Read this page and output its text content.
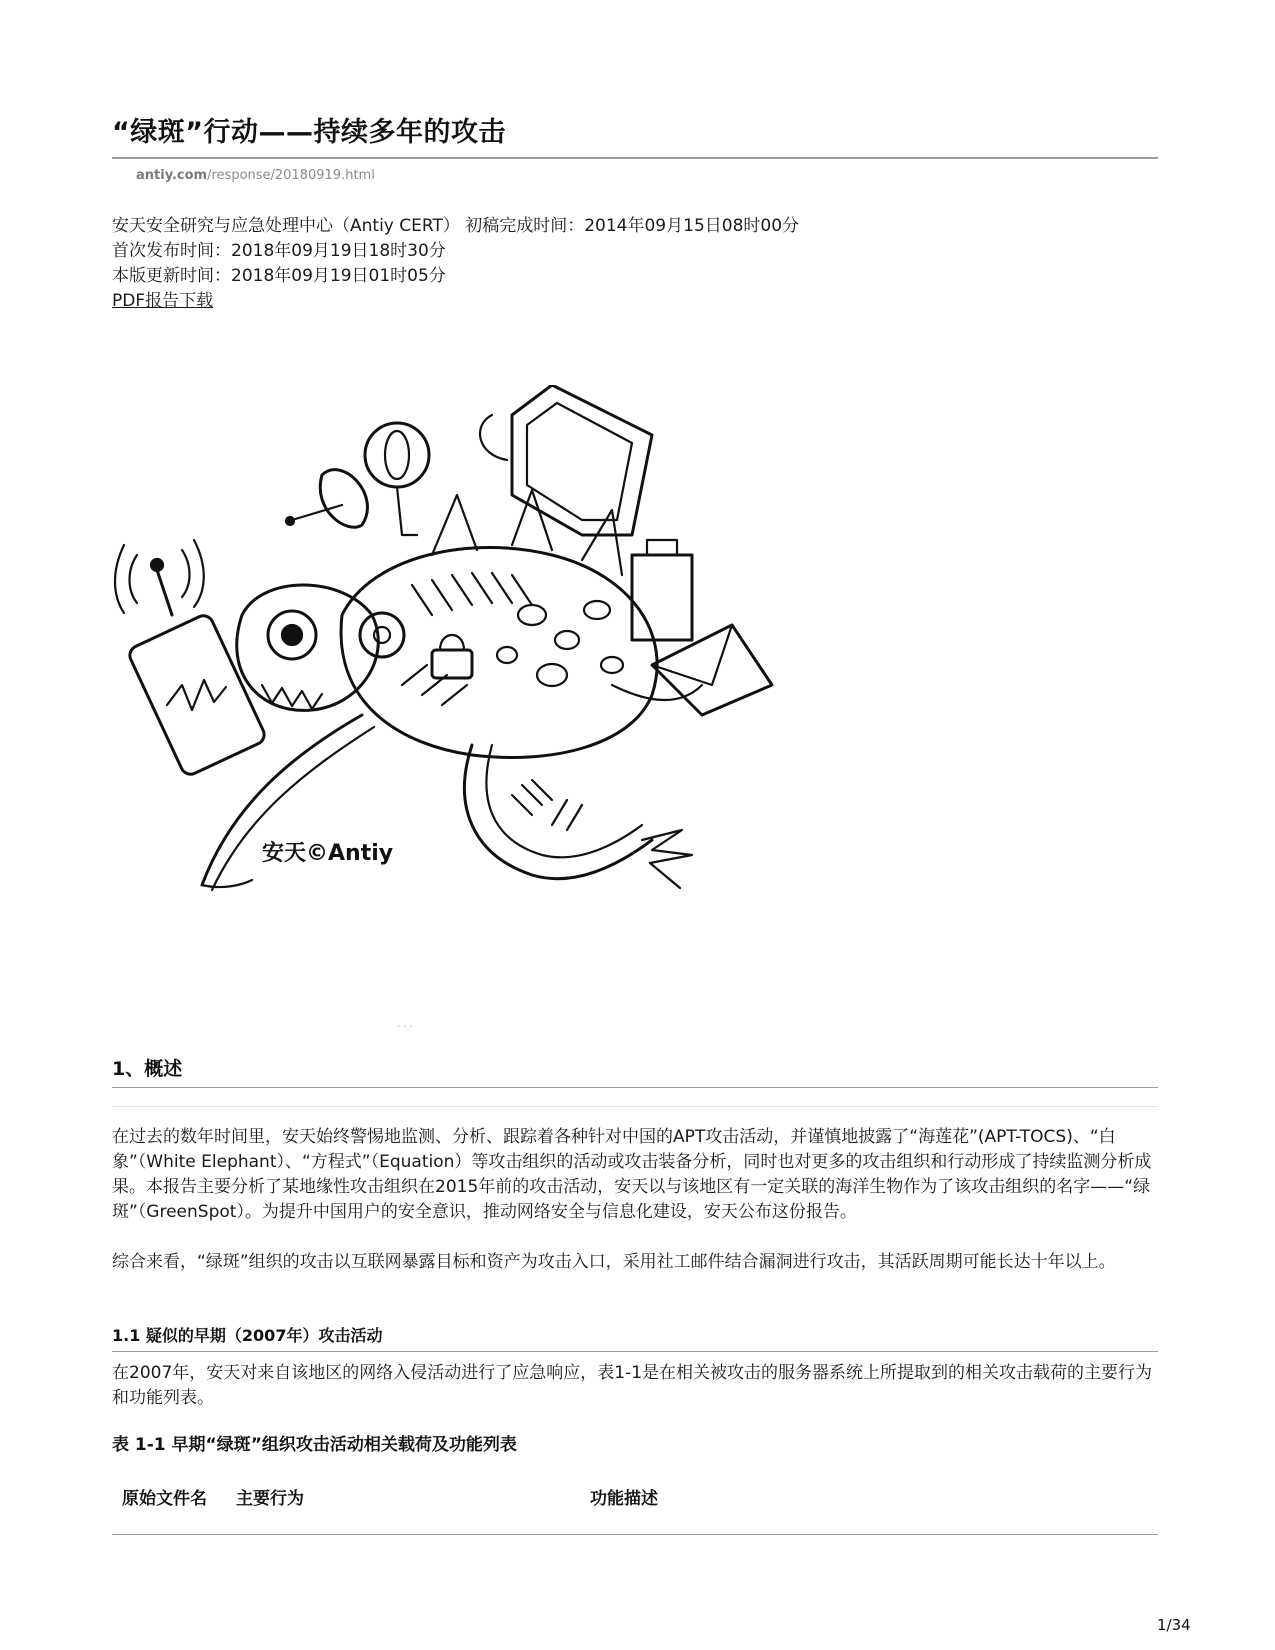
“绿斑”行动——持续多年的攻击
antiy.com/response/20180919.html
安天安全研究与应急处理中心（Antiy CERT） 初稿完成时间：2014年09月15日08时00分
首次发布时间：2018年09月19日18时30分
本版更新时间：2018年09月19日01时05分
PDF报告下载
安天©Antiy
· · ·
1、概述

在过去的数年时间里，安天始终警惕地监测、分析、跟踪着各种针对中国的APT攻击活动，并谨慎地披露了“海莲花”(APT-TOCS)、“白象”（White Elephant）、“方程式”（Equation）等攻击组织的活动或攻击装备分析，同时也对更多的攻击组织和行动形成了持续监测分析成果。本报告主要分析了某地缘性攻击组织在2015年前的攻击活动，安天以与该地区有一定关联的海洋生物作为了该攻击组织的名字——“绿斑”（GreenSpot）。为提升中国用户的安全意识，推动网络安全与信息化建设，安天公布这份报告。

综合来看，“绿斑”组织的攻击以互联网暴露目标和资产为攻击入口，采用社工邮件结合漏洞进行攻击，其活跃周期可能长达十年以上。

1.1 疑似的早期（2007年）攻击活动

在2007年，安天对来自该地区的网络入侵活动进行了应急响应，表1-1是在相关被攻击的服务器系统上所提取到的相关攻击载荷的主要行为和功能列表。

表 1-1 早期“绿斑”组织攻击活动相关载荷及功能列表
原始文件名 主要行为	功能描述
1/34
